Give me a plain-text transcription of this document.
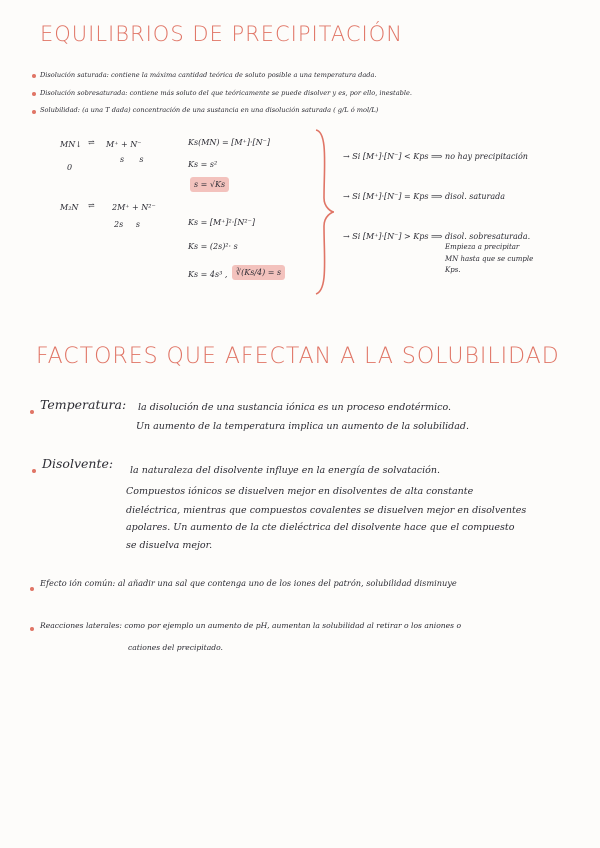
EQUILIBRIOS DE PRECIPITACIÓN
Disolución saturada: contiene la máxima cantidad teórica de soluto posible a una temperatura dada.
Disolución sobresaturada: contiene más soluto del que teóricamente se puede disolver y es, por ello, inestable.
Solubilidad: (a una T dada) concentración de una sustancia en una disolución saturada ( g/L ó mol/L)
MN↓ ⇌ M⁺ + N⁻
0
s      s
Ks(MN) = [M⁺]·[N⁻]
Ks = s²
s = √Ks
M₂N ⇌ 2M⁺ + N²⁻
2s     s	Ks = [M⁺]²·[N²⁻]
Ks = (2s)²· s
Ks = 4s³ ,	∛(Ks/4) = s
→ Si [M⁺]·[N⁻] < Kps ⟹ no hay precipitación
→ Si [M⁺]·[N⁻] = Kps ⟹ disol. saturada
→ Si [M⁺]·[N⁻] > Kps ⟹ disol. sobresaturada.
Empieza a precipitar
MN hasta que se cumple
Kps.
FACTORES QUE AFECTAN A LA SOLUBILIDAD
Temperatura: la disolución de una sustancia iónica es un proceso endotérmico.
Un aumento de la temperatura implica un aumento de la solubilidad.
Disolvente: la naturaleza del disolvente influye en la energía de solvatación.
Compuestos iónicos se disuelven mejor en disolventes de alta constante
dieléctrica, mientras que compuestos covalentes se disuelven mejor en disolventes
apolares. Un aumento de la cte dieléctrica del disolvente hace que el compuesto
se disuelva mejor.
Efecto ión común: al añadir una sal que contenga uno de los iones del patrón, solubilidad disminuye
Reacciones laterales: como por ejemplo un aumento de pH, aumentan la solubilidad al retirar o los aniones o
cationes del precipitado.
